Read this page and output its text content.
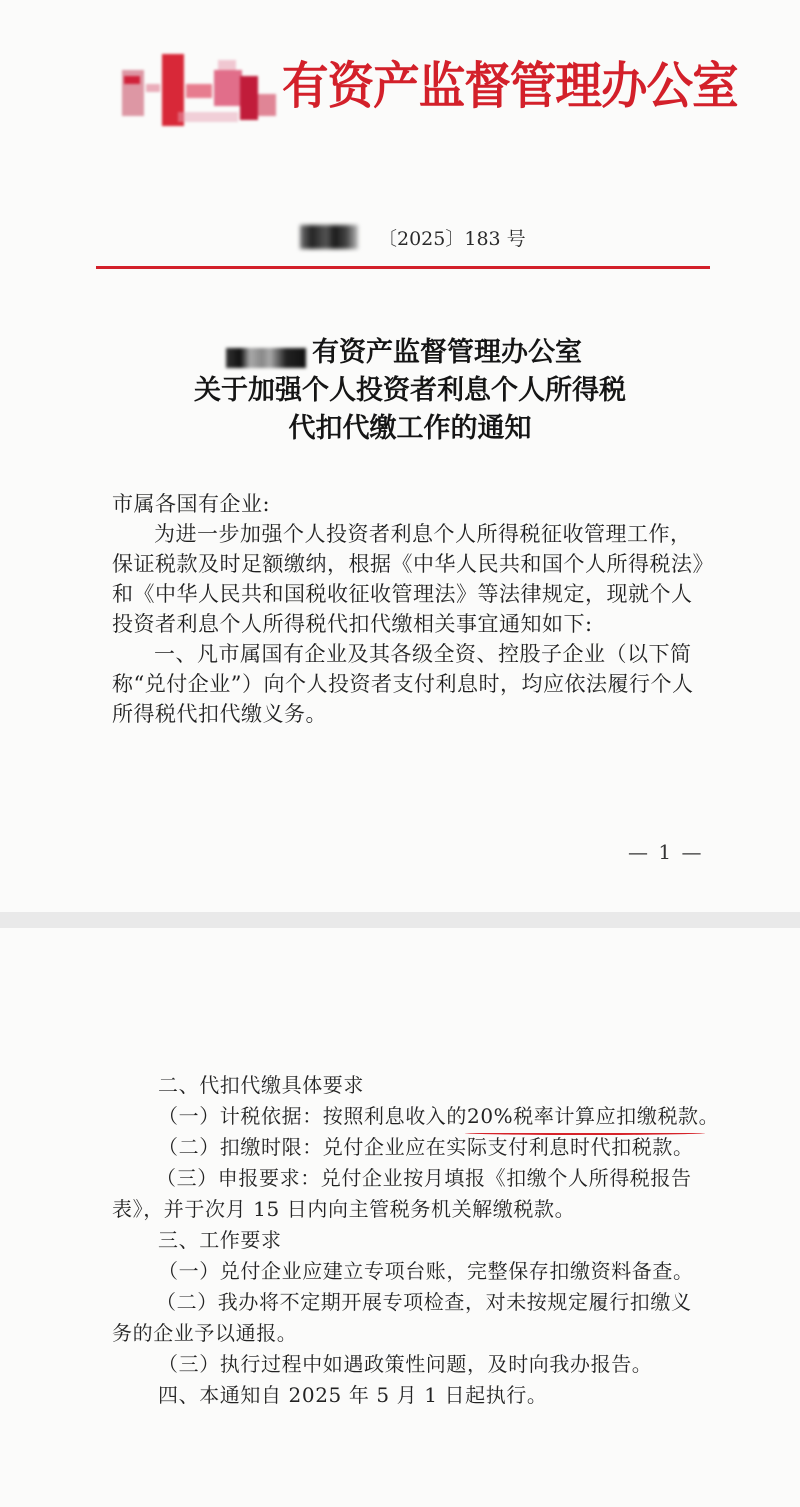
有资产监督管理办公室
〔2025〕183 号
有资产监督管理办公室
关于加强个人投资者利息个人所得税
代扣代缴工作的通知
市属各国有企业:
为进一步加强个人投资者利息个人所得税征收管理工作，保证税款及时足额缴纳，根据《中华人民共和国个人所得税法》和《中华人民共和国税收征收管理法》等法律规定，现就个人投资者利息个人所得税代扣代缴相关事宜通知如下:
一、凡市属国有企业及其各级全资、控股子企业（以下简称“兑付企业”）向个人投资者支付利息时，均应依法履行个人所得税代扣代缴义务。
— 1 —
二、代扣代缴具体要求
（一）计税依据：按照利息收入的20%税率计算应扣缴税款。
（二）扣缴时限：兑付企业应在实际支付利息时代扣税款。
（三）申报要求：兑付企业按月填报《扣缴个人所得税报告表》，并于次月 15 日内向主管税务机关解缴税款。
三、工作要求
（一）兑付企业应建立专项台账，完整保存扣缴资料备查。
（二）我办将不定期开展专项检查，对未按规定履行扣缴义务的企业予以通报。
（三）执行过程中如遇政策性问题，及时向我办报告。
四、本通知自 2025 年 5 月 1 日起执行。
